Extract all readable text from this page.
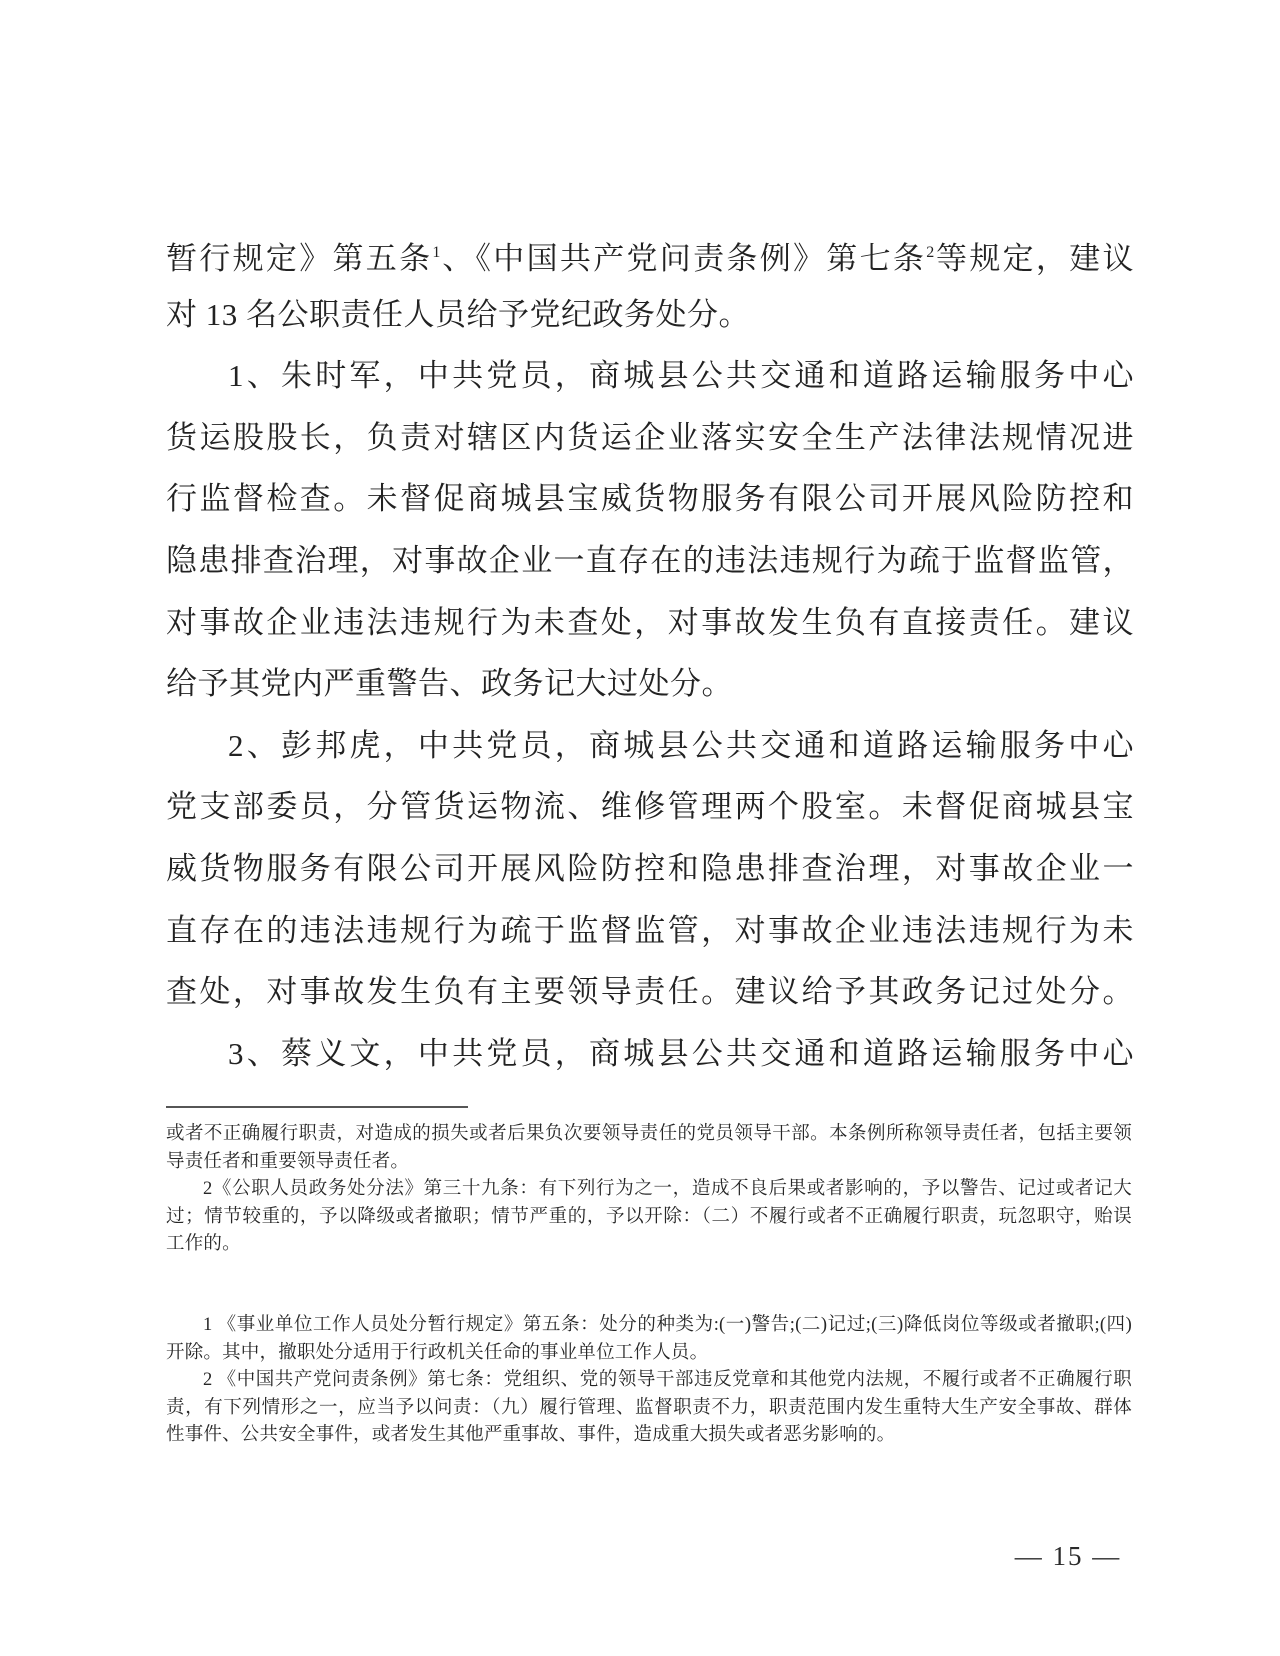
暂行规定》第五条$^1$、《中国共产党问责条例》第七条$^2$等规定，建议
对 13 名公职责任人员给予党纪政务处分。
1、朱时军，中共党员，商城县公共交通和道路运输服务中心
货运股股长，负责对辖区内货运企业落实安全生产法律法规情况进
行监督检查。未督促商城县宝威货物服务有限公司开展风险防控和
隐患排查治理，对事故企业一直存在的违法违规行为疏于监督监管，
对事故企业违法违规行为未查处，对事故发生负有直接责任。建议
给予其党内严重警告、政务记大过处分。
2、彭邦虎，中共党员，商城县公共交通和道路运输服务中心
党支部委员，分管货运物流、维修管理两个股室。未督促商城县宝
威货物服务有限公司开展风险防控和隐患排查治理，对事故企业一
直存在的违法违规行为疏于监督监管，对事故企业违法违规行为未
查处，对事故发生负有主要领导责任。建议给予其政务记过处分。
3、蔡义文，中共党员，商城县公共交通和道路运输服务中心
或者不正确履行职责，对造成的损失或者后果负次要领导责任的党员领导干部。本条例所称领导责任者，包括主要领
导责任者和重要领导责任者。
2《公职人员政务处分法》第三十九条：有下列行为之一，造成不良后果或者影响的，予以警告、记过或者记大
过；情节较重的，予以降级或者撤职；情节严重的，予以开除：（二）不履行或者不正确履行职责，玩忽职守，贻误
工作的。
1 《事业单位工作人员处分暂行规定》第五条：处分的种类为:(一)警告;(二)记过;(三)降低岗位等级或者撤职;(四)
开除。其中，撤职处分适用于行政机关任命的事业单位工作人员。
2 《中国共产党问责条例》第七条：党组织、党的领导干部违反党章和其他党内法规，不履行或者不正确履行职
责，有下列情形之一，应当予以问责：（九）履行管理、监督职责不力，职责范围内发生重特大生产安全事故、群体
性事件、公共安全事件，或者发生其他严重事故、事件，造成重大损失或者恶劣影响的。
— 15 —
